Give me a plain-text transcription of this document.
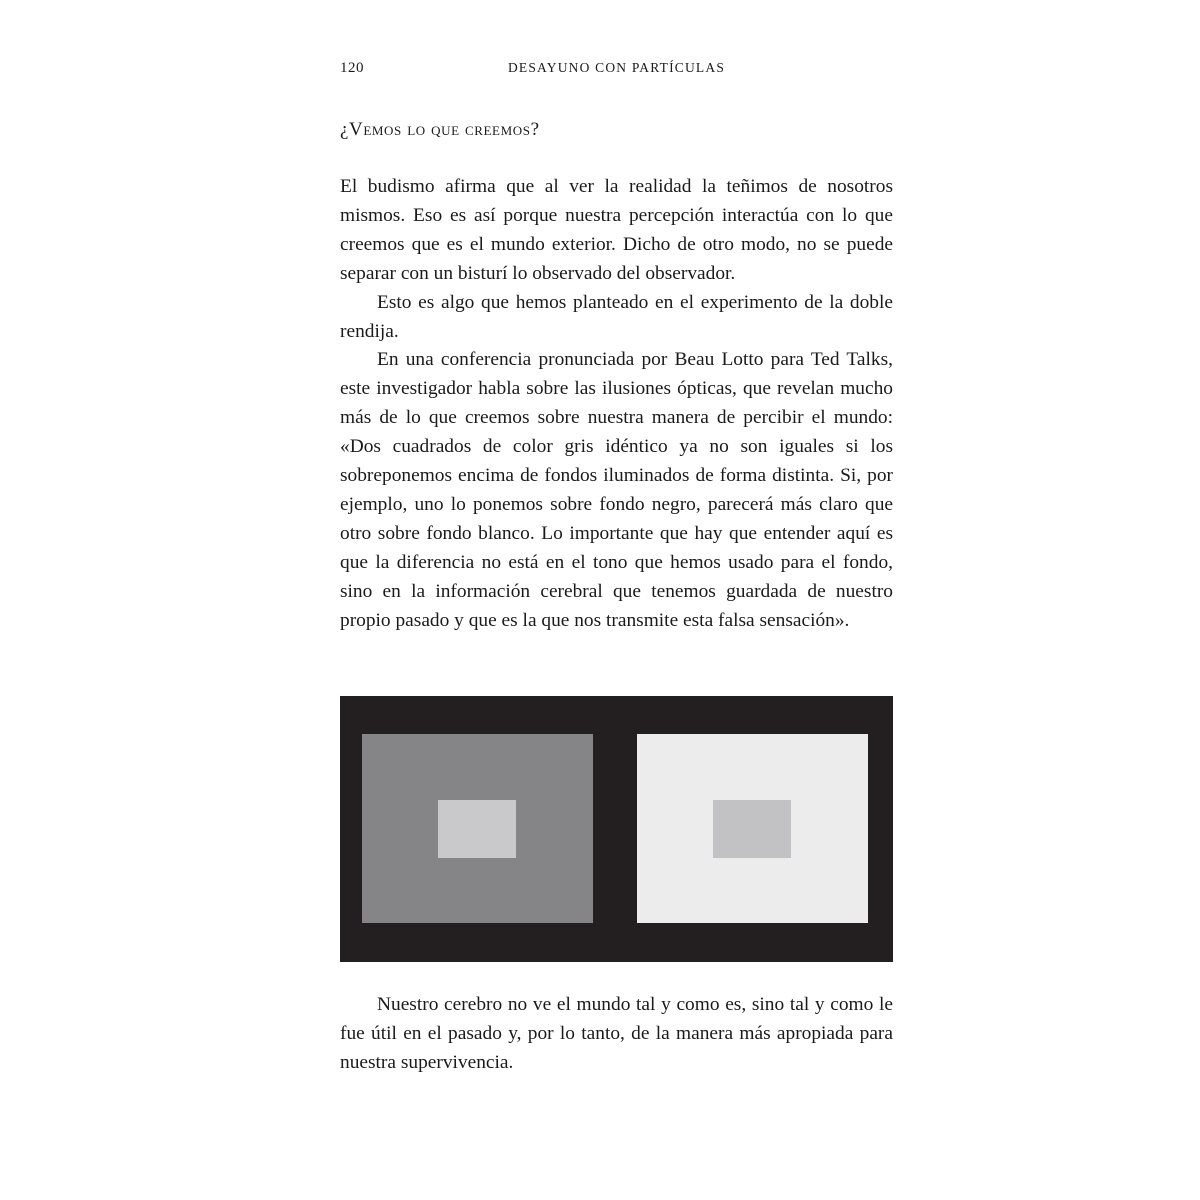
120	DESAYUNO CON PARTÍCULAS
¿Vemos lo que creemos?

El budismo afirma que al ver la realidad la teñimos de nosotros mismos. Eso es así porque nuestra percepción interactúa con lo que creemos que es el mundo exterior. Dicho de otro modo, no se puede separar con un bisturí lo observado del observador.

Esto es algo que hemos planteado en el experimento de la doble rendija.

En una conferencia pronunciada por Beau Lotto para Ted Talks, este investigador habla sobre las ilusiones ópticas, que revelan mucho más de lo que creemos sobre nuestra manera de percibir el mundo: «Dos cuadrados de color gris idéntico ya no son iguales si los sobreponemos encima de fondos iluminados de forma distinta. Si, por ejemplo, uno lo ponemos sobre fondo negro, parecerá más claro que otro sobre fondo blanco. Lo importante que hay que entender aquí es que la diferencia no está en el tono que hemos usado para el fondo, sino en la información cerebral que tenemos guardada de nuestro propio pasado y que es la que nos transmite esta falsa sensación».

Nuestro cerebro no ve el mundo tal y como es, sino tal y como le fue útil en el pasado y, por lo tanto, de la manera más apropiada para nuestra supervivencia.
